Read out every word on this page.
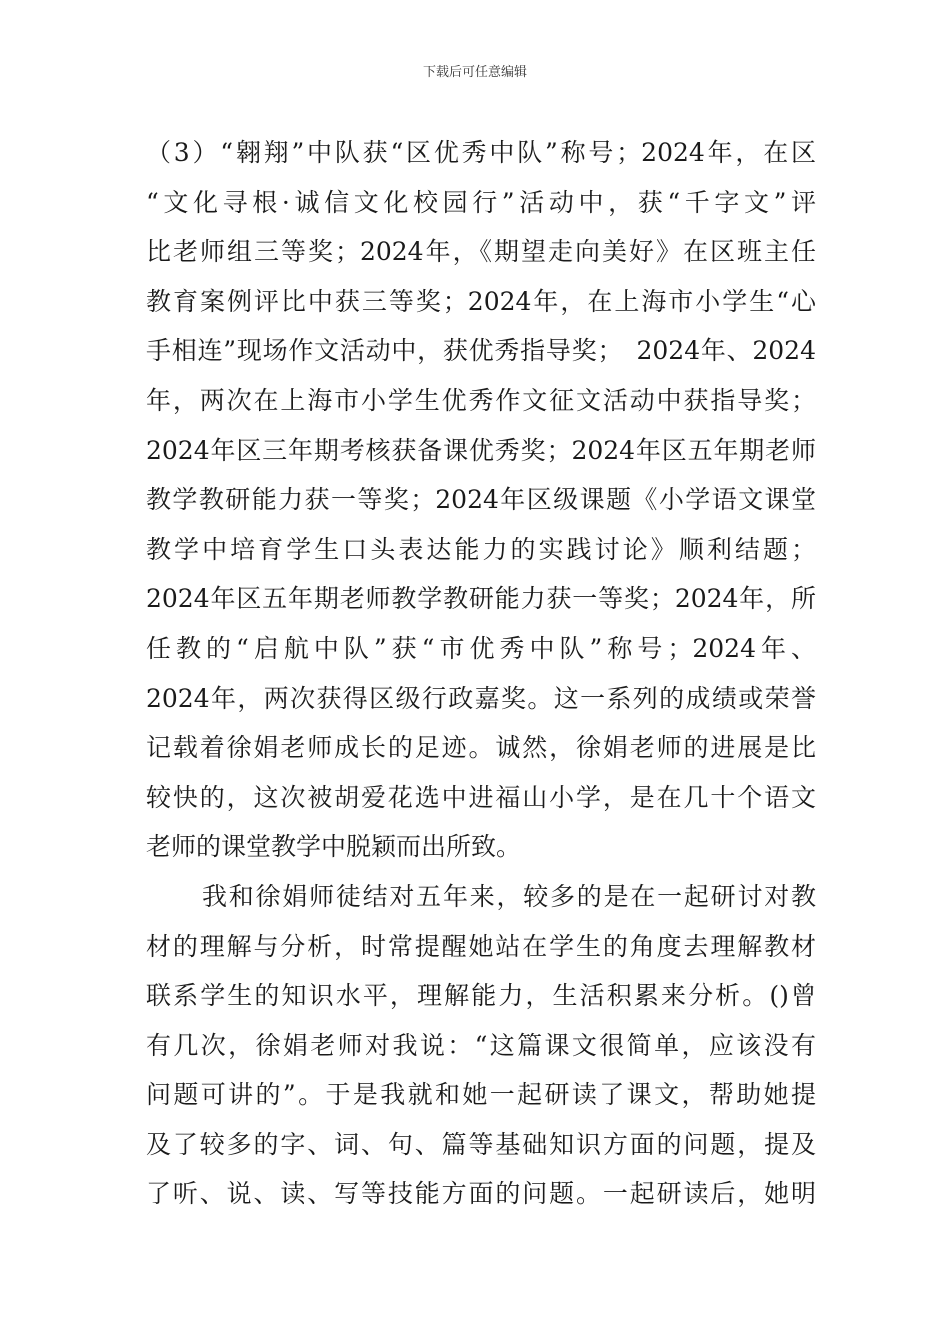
下载后可任意编辑
（3）“翱翔”中队获“区优秀中队”称号；2024年，在区
“文化寻根·诚信文化校园行”活动中，获“千字文”评
比老师组三等奖；2024年，《期望走向美好》在区班主任
教育案例评比中获三等奖；2024年，在上海市小学生“心
手相连”现场作文活动中，获优秀指导奖；　2024年、2024
年，两次在上海市小学生优秀作文征文活动中获指导奖；
2024年区三年期考核获备课优秀奖；2024年区五年期老师
教学教研能力获一等奖；2024年区级课题《小学语文课堂
教学中培育学生口头表达能力的实践讨论》顺利结题；
2024年区五年期老师教学教研能力获一等奖；2024年，所
任教的“启航中队”获“市优秀中队”称号；2024年、
2024年，两次获得区级行政嘉奖。这一系列的成绩或荣誉
记载着徐娟老师成长的足迹。诚然，徐娟老师的进展是比
较快的，这次被胡爱花选中进福山小学，是在几十个语文
老师的课堂教学中脱颖而出所致。
我和徐娟师徒结对五年来，较多的是在一起研讨对教
材的理解与分析，时常提醒她站在学生的角度去理解教材
联系学生的知识水平，理解能力，生活积累来分析。()曾
有几次，徐娟老师对我说：“这篇课文很简单，应该没有
问题可讲的”。于是我就和她一起研读了课文，帮助她提
及了较多的字、词、句、篇等基础知识方面的问题，提及
了听、说、读、写等技能方面的问题。一起研读后，她明
